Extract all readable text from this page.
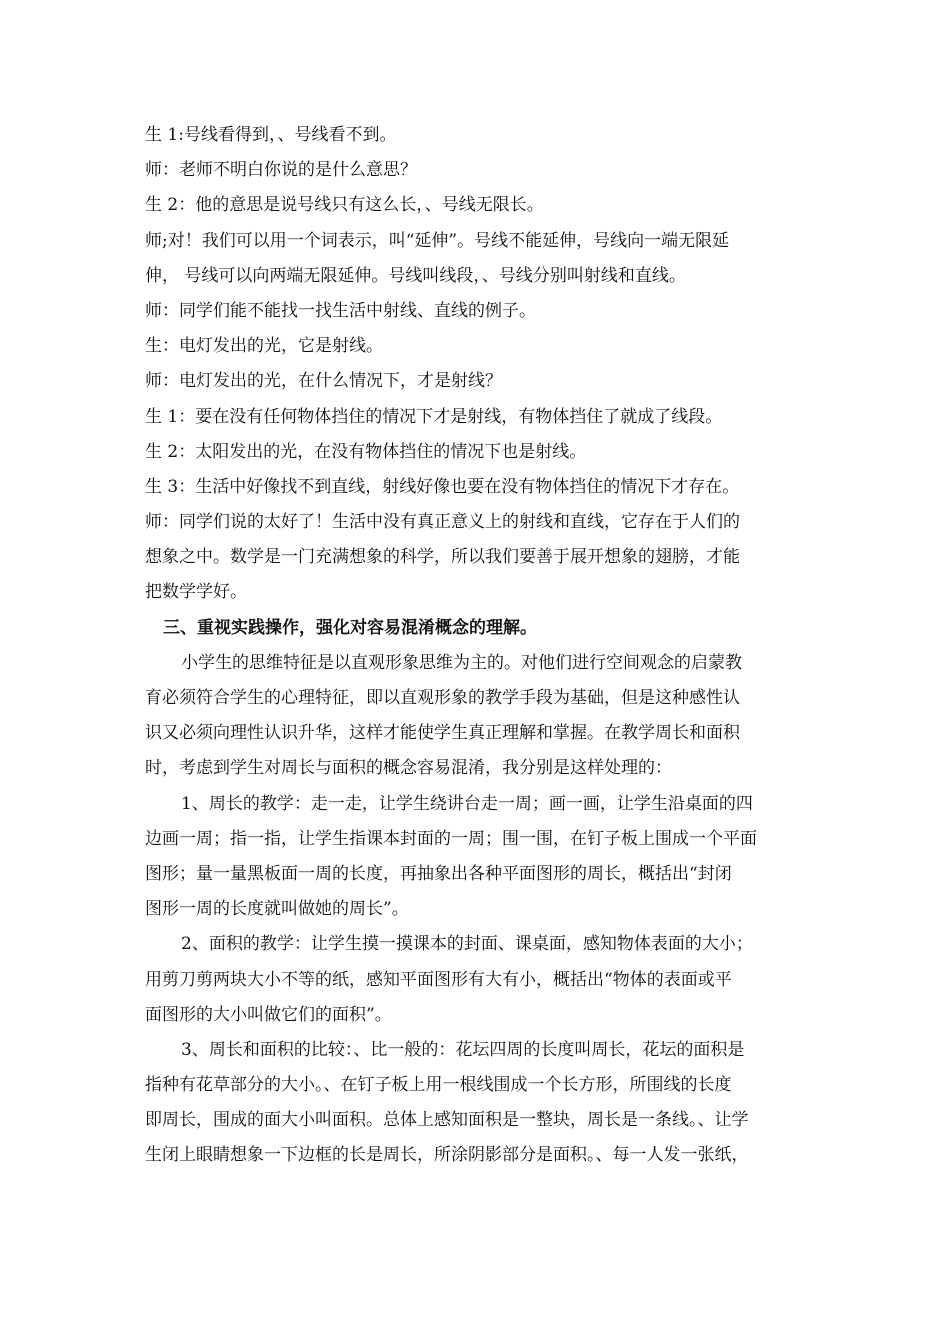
生 1:号线看得到，、号线看不到。
师：老师不明白你说的是什么意思？
生 2：他的意思是说号线只有这么长，、号线无限长。
师;对！我们可以用一个词表示，叫“延伸”。号线不能延伸，号线向一端无限延
伸， 号线可以向两端无限延伸。号线叫线段，、号线分别叫射线和直线。
师：同学们能不能找一找生活中射线、直线的例子。
生：电灯发出的光，它是射线。
师：电灯发出的光，在什么情况下，才是射线？
生 1：要在没有任何物体挡住的情况下才是射线，有物体挡住了就成了线段。
生 2：太阳发出的光，在没有物体挡住的情况下也是射线。
生 3：生活中好像找不到直线，射线好像也要在没有物体挡住的情况下才存在。
师：同学们说的太好了！生活中没有真正意义上的射线和直线，它存在于人们的
想象之中。数学是一门充满想象的科学，所以我们要善于展开想象的翅膀，才能
把数学学好。
三、重视实践操作，强化对容易混淆概念的理解。
小学生的思维特征是以直观形象思维为主的。对他们进行空间观念的启蒙教
育必须符合学生的心理特征，即以直观形象的教学手段为基础，但是这种感性认
识又必须向理性认识升华，这样才能使学生真正理解和掌握。在教学周长和面积
时，考虑到学生对周长与面积的概念容易混淆，我分别是这样处理的：
1、周长的教学：走一走，让学生绕讲台走一周；画一画，让学生沿桌面的四
边画一周；指一指，让学生指课本封面的一周；围一围，在钉子板上围成一个平面
图形；量一量黑板面一周的长度，再抽象出各种平面图形的周长，概括出“封闭
图形一周的长度就叫做她的周长”。
2、面积的教学：让学生摸一摸课本的封面、课桌面，感知物体表面的大小；
用剪刀剪两块大小不等的纸，感知平面图形有大有小，概括出“物体的表面或平
面图形的大小叫做它们的面积”。
3、周长和面积的比较：、比一般的：花坛四周的长度叫周长，花坛的面积是
指种有花草部分的大小。、在钉子板上用一根线围成一个长方形，所围线的长度
即周长，围成的面大小叫面积。总体上感知面积是一整块，周长是一条线。、让学
生闭上眼睛想象一下边框的长是周长，所涂阴影部分是面积。、每一人发一张纸，
